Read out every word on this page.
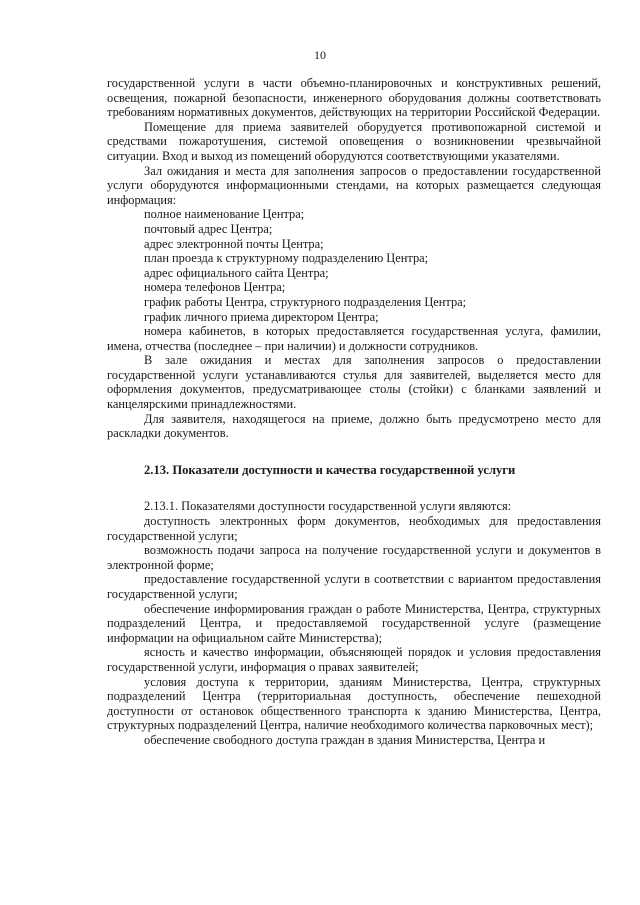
10

государственной услуги в части объемно-планировочных и конструктивных решений, освещения, пожарной безопасности, инженерного оборудования должны соответствовать требованиям нормативных документов, действующих на территории Российской Федерации.

Помещение для приема заявителей оборудуется противопожарной системой и средствами пожаротушения, системой оповещения о возникновении чрезвычайной ситуации. Вход и выход из помещений оборудуются соответствующими указателями.

Зал ожидания и места для заполнения запросов о предоставлении государственной услуги оборудуются информационными стендами, на которых размещается следующая информация:

полное наименование Центра;

почтовый адрес Центра;

адрес электронной почты Центра;

план проезда к структурному подразделению Центра;

адрес официального сайта Центра;

номера телефонов Центра;

график работы Центра, структурного подразделения Центра;

график личного приема директором Центра;

номера кабинетов, в которых предоставляется государственная услуга, фамилии, имена, отчества (последнее – при наличии) и должности сотрудников.

В зале ожидания и местах для заполнения запросов о предоставлении государственной услуги устанавливаются стулья для заявителей, выделяется место для оформления документов, предусматривающее столы (стойки) с бланками заявлений и канцелярскими принадлежностями.

Для заявителя, находящегося на приеме, должно быть предусмотрено место для раскладки документов.

2.13. Показатели доступности и качества государственной услуги

2.13.1. Показателями доступности государственной услуги являются:

доступность электронных форм документов, необходимых для предоставления государственной услуги;

возможность подачи запроса на получение государственной услуги и документов в электронной форме;

предоставление государственной услуги в соответствии с вариантом предоставления государственной услуги;

обеспечение информирования граждан о работе Министерства, Центра, структурных подразделений Центра, и предоставляемой государственной услуге (размещение информации на официальном сайте Министерства);

ясность и качество информации, объясняющей порядок и условия предоставления государственной услуги, информация о правах заявителей;

условия доступа к территории, зданиям Министерства, Центра, структурных подразделений Центра (территориальная доступность, обеспечение пешеходной доступности от остановок общественного транспорта к зданию Министерства, Центра, структурных подразделений Центра, наличие необходимого количества парковочных мест);

обеспечение свободного доступа граждан в здания Министерства, Центра и
